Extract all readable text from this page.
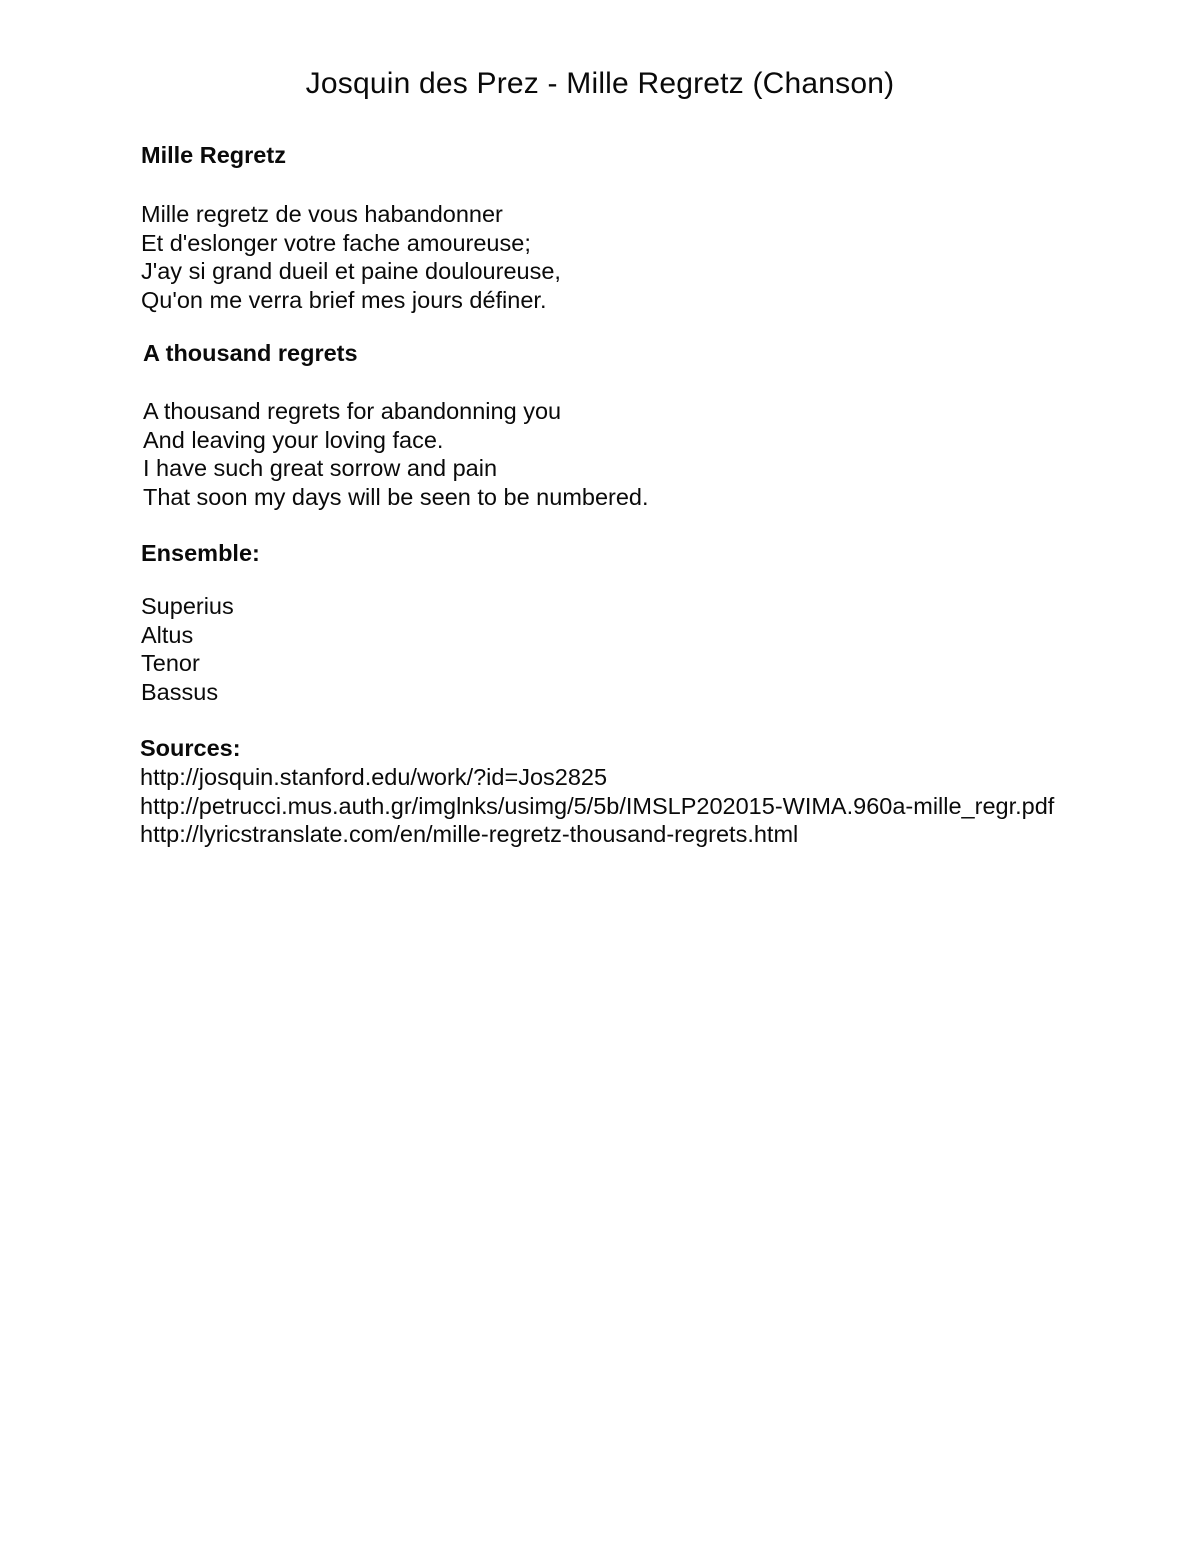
Josquin des Prez - Mille Regretz (Chanson)
Mille Regretz
Mille regretz de vous habandonner
Et d'eslonger votre fache amoureuse;
J'ay si grand dueil et paine douloureuse,
Qu'on me verra brief mes jours définer.
A thousand regrets
A thousand regrets for abandonning you
And leaving your loving face.
I have such great sorrow and pain
That soon my days will be seen to be numbered.
Ensemble:
Superius
Altus
Tenor
Bassus
Sources:
http://josquin.stanford.edu/work/?id=Jos2825
http://petrucci.mus.auth.gr/imglnks/usimg/5/5b/IMSLP202015-WIMA.960a-mille_regr.pdf
http://lyricstranslate.com/en/mille-regretz-thousand-regrets.html
